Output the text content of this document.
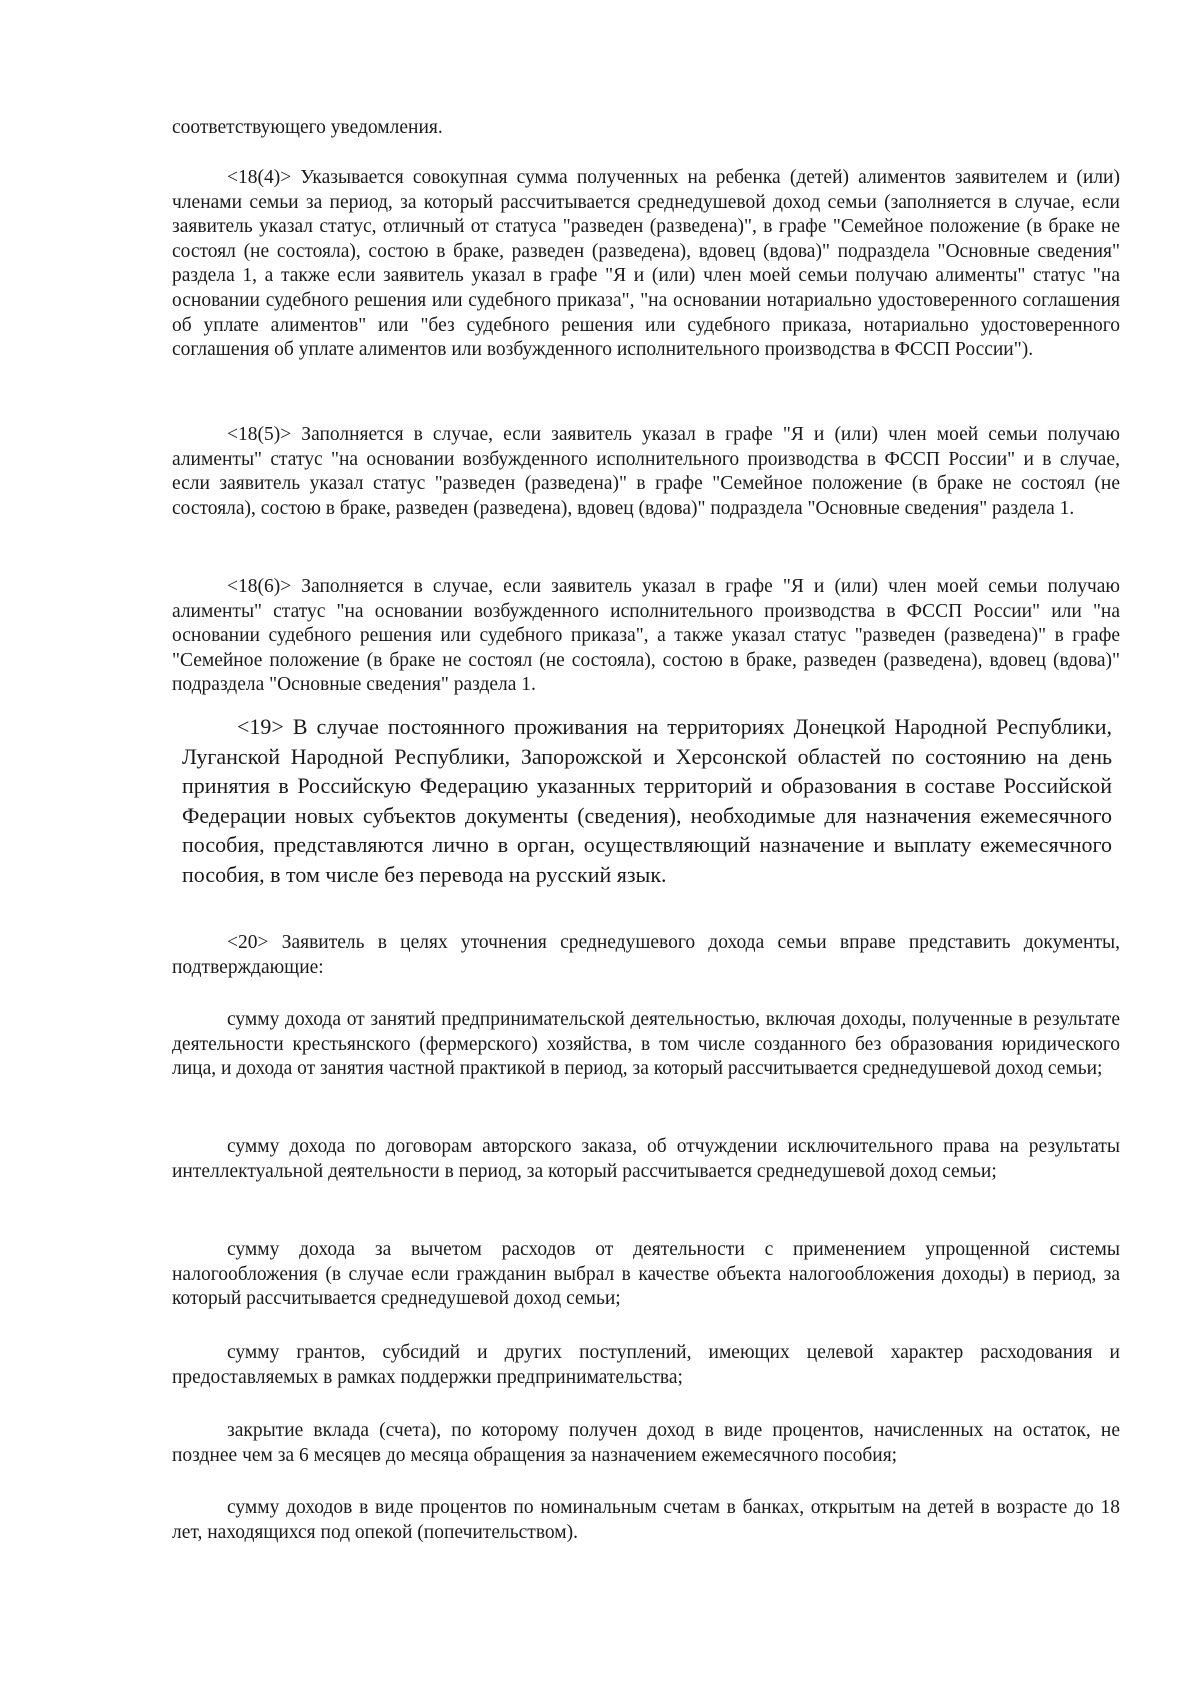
соответствующего уведомления.

<18(4)> Указывается совокупная сумма полученных на ребенка (детей) алиментов заявителем и (или) членами семьи за период, за который рассчитывается среднедушевой доход семьи (заполняется в случае, если заявитель указал статус, отличный от статуса "разведен (разведена)", в графе "Семейное положение (в браке не состоял (не состояла), состою в браке, разведен (разведена), вдовец (вдова)" подраздела "Основные сведения" раздела 1, а также если заявитель указал в графе "Я и (или) член моей семьи получаю алименты" статус "на основании судебного решения или судебного приказа", "на основании нотариально удостоверенного соглашения об уплате алиментов" или "без судебного решения или судебного приказа, нотариально удостоверенного соглашения об уплате алиментов или возбужденного исполнительного производства в ФССП России").

<18(5)> Заполняется в случае, если заявитель указал в графе "Я и (или) член моей семьи получаю алименты" статус "на основании возбужденного исполнительного производства в ФССП России" и в случае, если заявитель указал статус "разведен (разведена)" в графе "Семейное положение (в браке не состоял (не состояла), состою в браке, разведен (разведена), вдовец (вдова)" подраздела "Основные сведения" раздела 1.

<18(6)> Заполняется в случае, если заявитель указал в графе "Я и (или) член моей семьи получаю алименты" статус "на основании возбужденного исполнительного производства в ФССП России" или "на основании судебного решения или судебного приказа", а также указал статус "разведен (разведена)" в графе "Семейное положение (в браке не состоял (не состояла), состою в браке, разведен (разведена), вдовец (вдова)" подраздела "Основные сведения" раздела 1.

<19> В случае постоянного проживания на территориях Донецкой Народной Республики, Луганской Народной Республики, Запорожской и Херсонской областей по состоянию на день принятия в Российскую Федерацию указанных территорий и образования в составе Российской Федерации новых субъектов документы (сведения), необходимые для назначения ежемесячного пособия, представляются лично в орган, осуществляющий назначение и выплату ежемесячного пособия, в том числе без перевода на русский язык.

<20> Заявитель в целях уточнения среднедушевого дохода семьи вправе представить документы, подтверждающие:

сумму дохода от занятий предпринимательской деятельностью, включая доходы, полученные в результате деятельности крестьянского (фермерского) хозяйства, в том числе созданного без образования юридического лица, и дохода от занятия частной практикой в период, за который рассчитывается среднедушевой доход семьи;

сумму дохода по договорам авторского заказа, об отчуждении исключительного права на результаты интеллектуальной деятельности в период, за который рассчитывается среднедушевой доход семьи;

сумму дохода за вычетом расходов от деятельности с применением упрощенной системы налогообложения (в случае если гражданин выбрал в качестве объекта налогообложения доходы) в период, за который рассчитывается среднедушевой доход семьи;

сумму грантов, субсидий и других поступлений, имеющих целевой характер расходования и предоставляемых в рамках поддержки предпринимательства;

закрытие вклада (счета), по которому получен доход в виде процентов, начисленных на остаток, не позднее чем за 6 месяцев до месяца обращения за назначением ежемесячного пособия;

сумму доходов в виде процентов по номинальным счетам в банках, открытым на детей в возрасте до 18 лет, находящихся под опекой (попечительством).
